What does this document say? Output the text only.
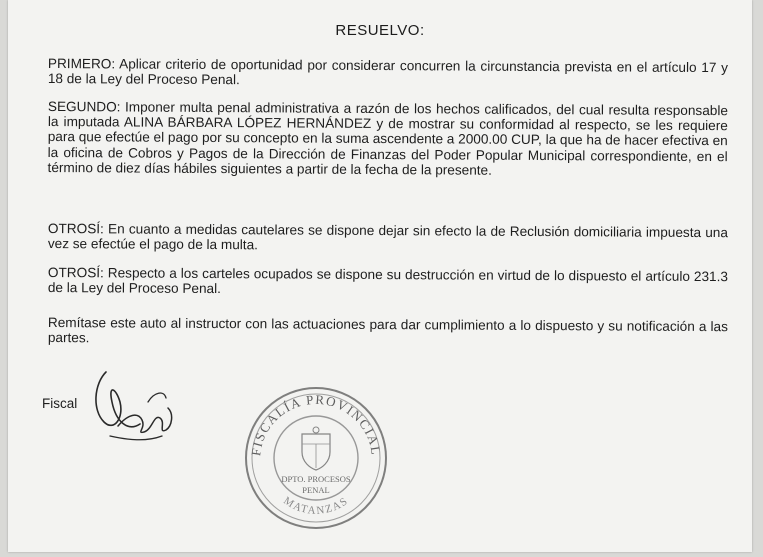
RESUELVO:

PRIMERO: Aplicar criterio de oportunidad por considerar concurren la circunstancia prevista en el artículo 17 y 18 de la Ley del Proceso Penal.

SEGUNDO: Imponer multa penal administrativa a razón de los hechos calificados, del cual resulta responsable la imputada ALINA BÁRBARA LÓPEZ HERNÁNDEZ y de mostrar su conformidad al respecto, se les requiere para que efectúe el pago por su concepto en la suma ascendente a 2000.00 CUP, la que ha de hacer efectiva en la oficina de Cobros y Pagos de la Dirección de Finanzas del Poder Popular Municipal correspondiente, en el término de diez días hábiles siguientes a partir de la fecha de la presente.

OTROSÍ: En cuanto a medidas cautelares se dispone dejar sin efecto la de Reclusión domiciliaria impuesta una vez se efectúe el pago de la multa.

OTROSÍ: Respecto a los carteles ocupados se dispone su destrucción en virtud de lo dispuesto el artículo 231.3 de la Ley del Proceso Penal.

Remítase este auto al instructor con las actuaciones para dar cumplimiento a lo dispuesto y su notificación a las partes.

Fiscal
FISCALÍA PROVINCIAL
MATANZAS
DPTO. PROCESOS
PENAL
